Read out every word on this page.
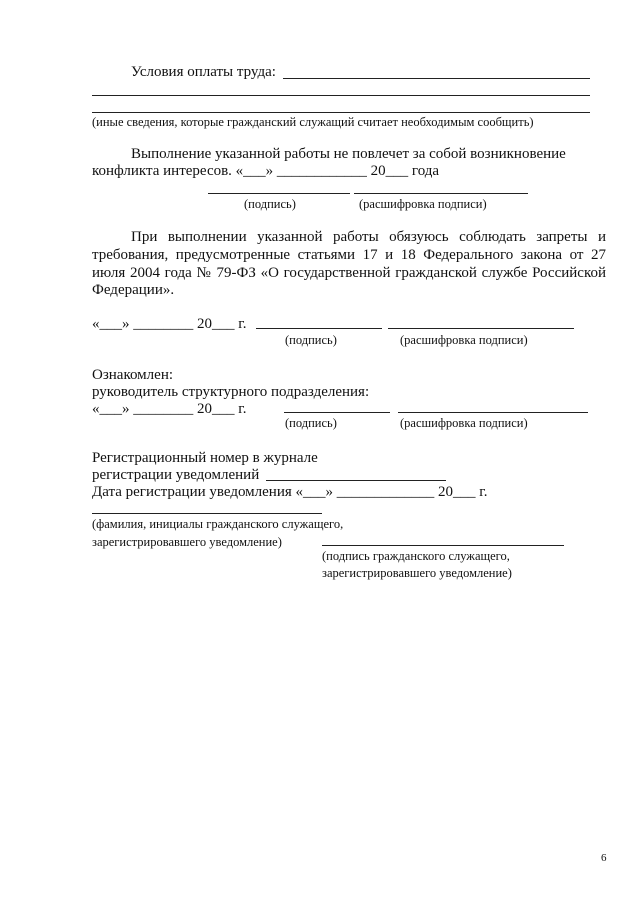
Условия оплаты труда:
(иные сведения, которые гражданский служащий считает необходимым сообщить)
Выполнение указанной работы не повлечет за собой возникновение
конфликта интересов. «___» ____________ 20___ года
(подпись)	(расшифровка подписи)
При выполнении указанной работы обязуюсь соблюдать запреты и
требования, предусмотренные статьями 17 и 18 Федерального закона от 27
июля 2004 года № 79-ФЗ «О государственной гражданской службе Российской
Федерации».
«___» ________ 20___ г.
(подпись)	(расшифровка подписи)
Ознакомлен:
руководитель структурного подразделения:
«___» ________ 20___ г.
(подпись)	(расшифровка подписи)
Регистрационный номер в журнале
регистрации уведомлений
Дата регистрации уведомления «___» _____________ 20___ г.
(фамилия, инициалы гражданского служащего,
зарегистрировавшего уведомление)
(подпись гражданского служащего,
зарегистрировавшего уведомление)
6
